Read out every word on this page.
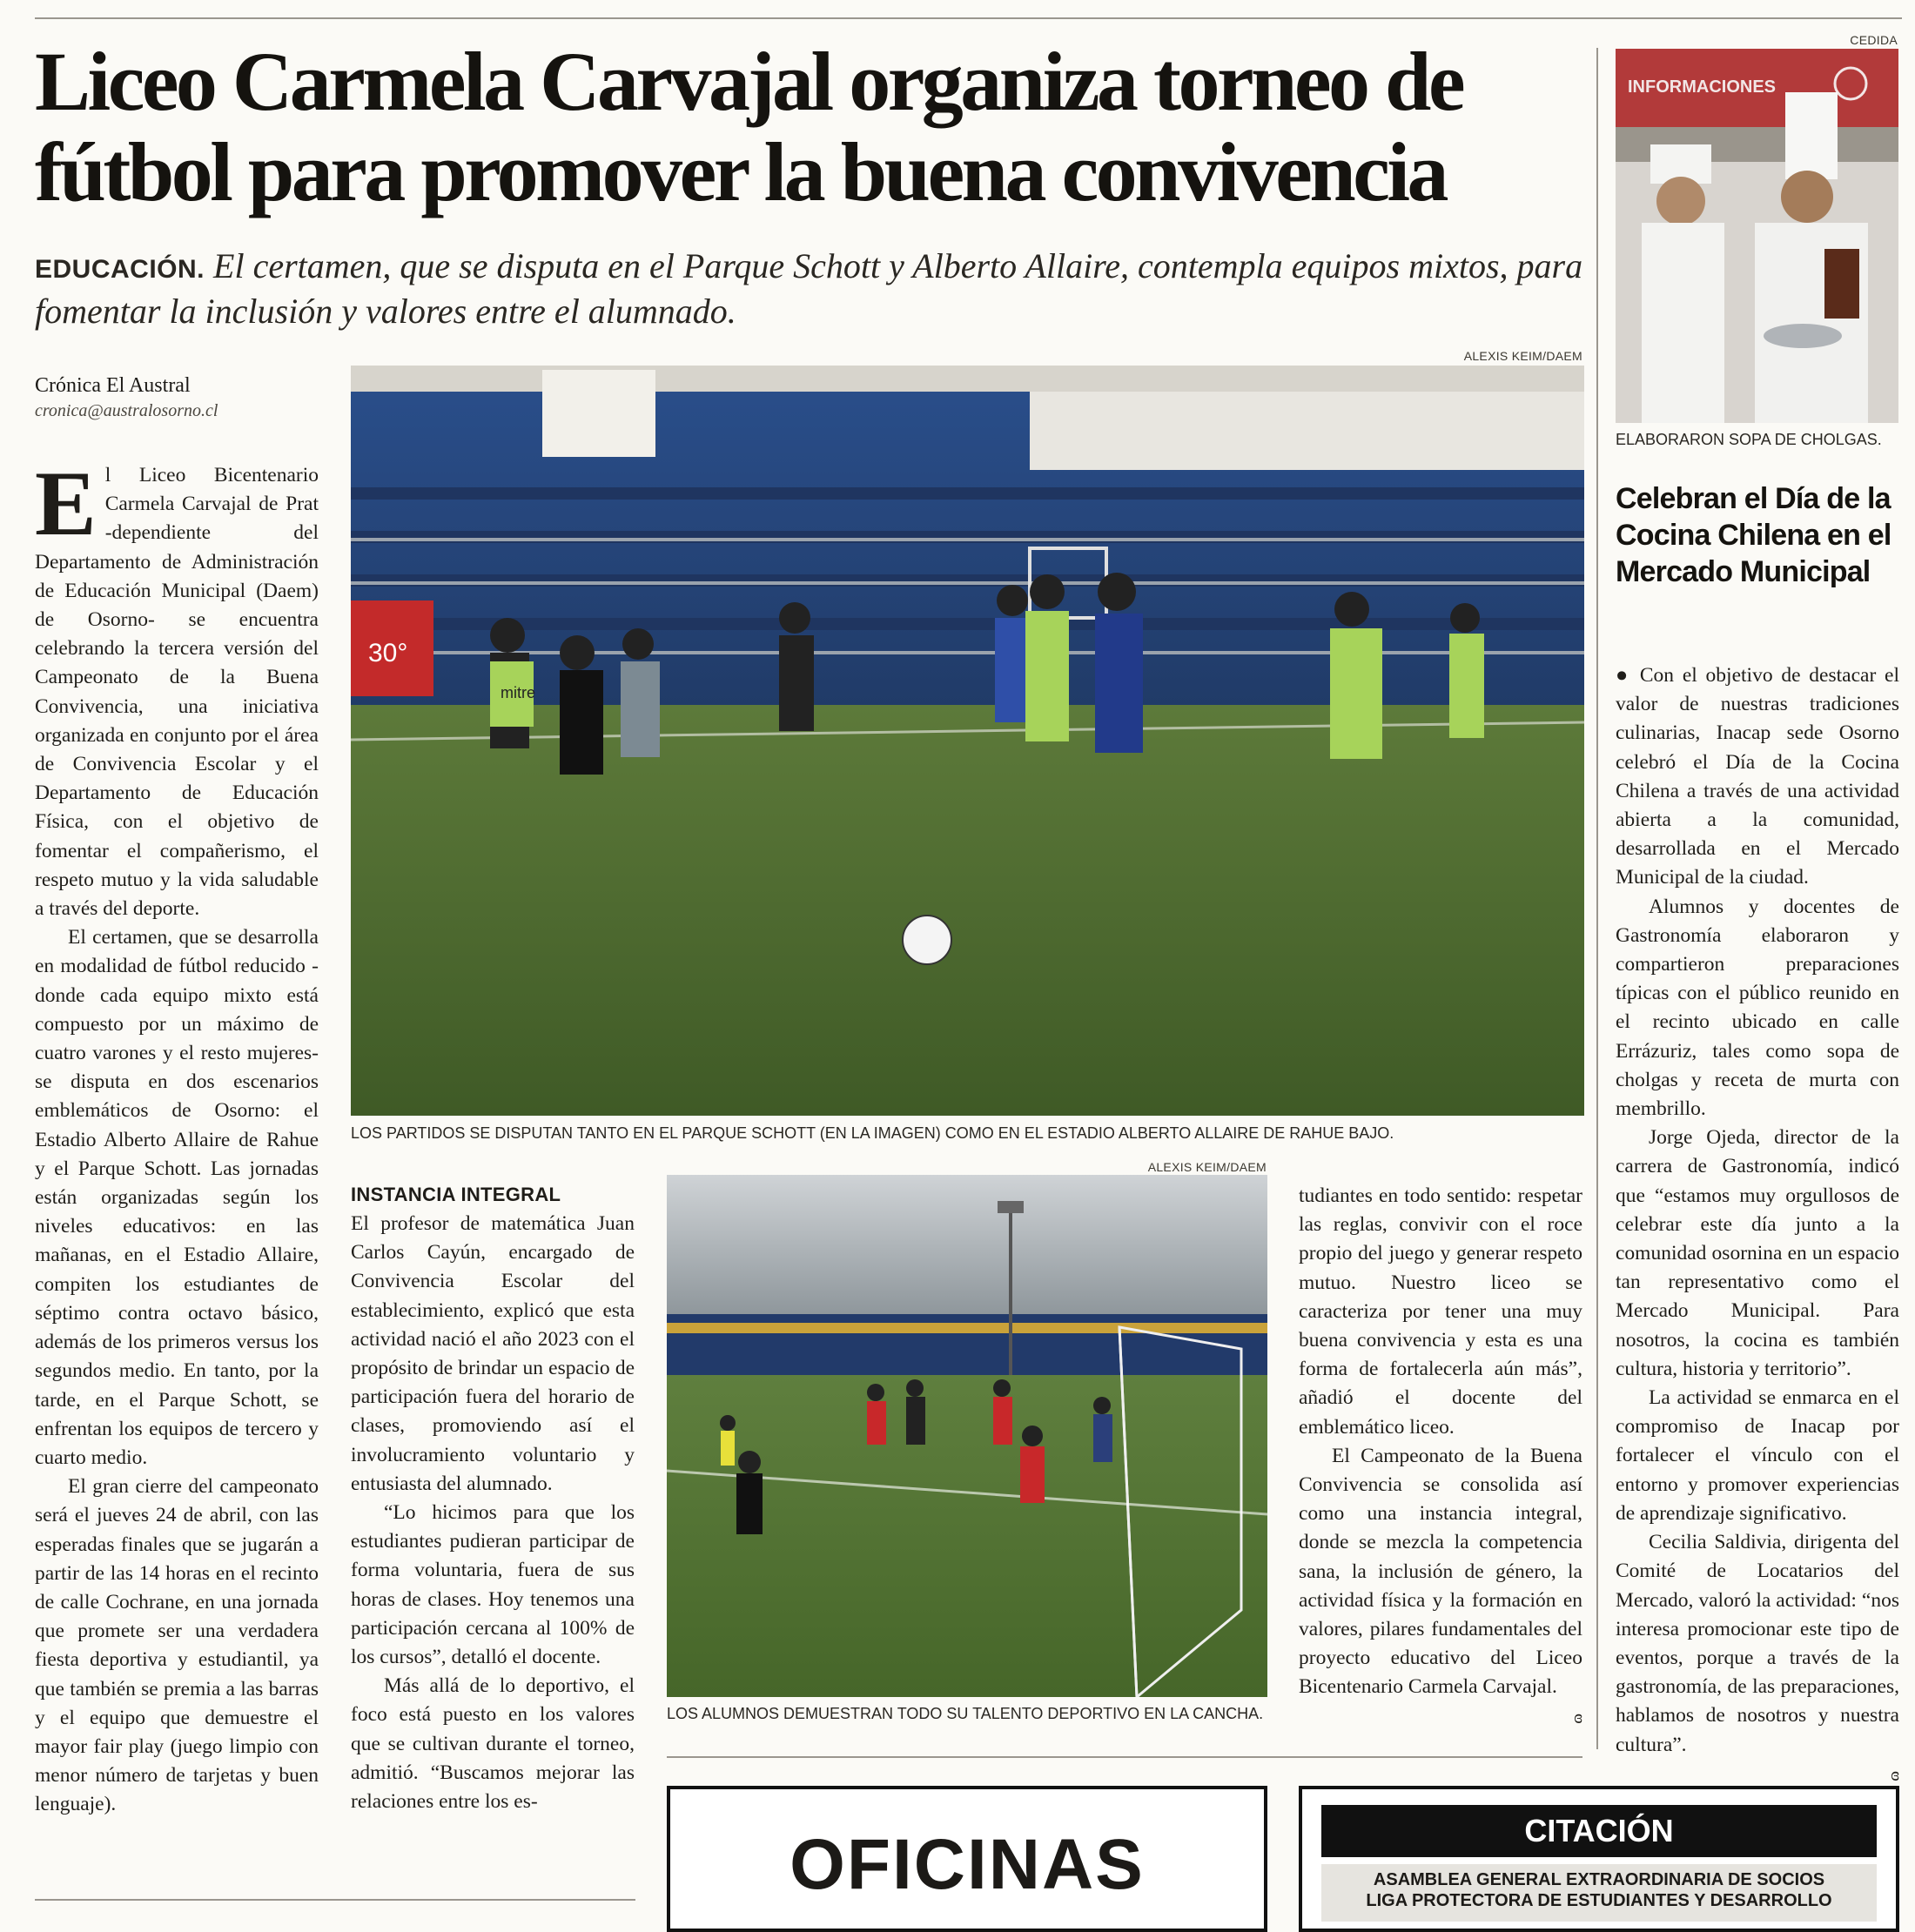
Liceo Carmela Carvajal organiza torneo de fútbol para promover la buena convivencia
EDUCACIÓN. El certamen, que se disputa en el Parque Schott y Alberto Allaire, contempla equipos mixtos, para fomentar la inclusión y valores entre el alumnado.
Crónica El Austral
cronica@australosorno.cl
ALEXIS KEIM/DAEM
30°
mitre
LOS PARTIDOS SE DISPUTAN TANTO EN EL PARQUE SCHOTT (EN LA IMAGEN) COMO EN EL ESTADIO ALBERTO ALLAIRE DE RAHUE BAJO.

El Liceo Bicentenario Carmela Carvajal de Prat -dependiente del Departamento de Administración de Educación Municipal (Daem) de Osorno- se encuentra celebrando la tercera versión del Campeonato de la Buena Convivencia, una iniciativa organizada en conjunto por el área de Convivencia Escolar y el Departamento de Educación Física, con el objetivo de fomentar el compañerismo, el respeto mutuo y la vida saludable a través del deporte.

El certamen, que se desarrolla en modalidad de fútbol reducido -donde cada equipo mixto está compuesto por un máximo de cuatro varones y el resto mujeres- se disputa en dos escenarios emblemáticos de Osorno: el Estadio Alberto Allaire de Rahue y el Parque Schott. Las jornadas están organizadas según los niveles educativos: en las mañanas, en el Estadio Allaire, compiten los estudiantes de séptimo contra octavo básico, además de los primeros versus los segundos medio. En tanto, por la tarde, en el Parque Schott, se enfrentan los equipos de tercero y cuarto medio.

El gran cierre del campeonato será el jueves 24 de abril, con las esperadas finales que se jugarán a partir de las 14 horas en el recinto de calle Cochrane, en una jornada que promete ser una verdadera fiesta deportiva y estudiantil, ya que también se premia a las barras y el equipo que demuestre el mayor fair play (juego limpio con menor número de tarjetas y buen lenguaje).

INSTANCIA INTEGRAL

El profesor de matemática Juan Carlos Cayún, encargado de Convivencia Escolar del establecimiento, explicó que esta actividad nació el año 2023 con el propósito de brindar un espacio de participación fuera del horario de clases, promoviendo así el involucramiento voluntario y entusiasta del alumnado.

“Lo hicimos para que los estudiantes pudieran participar de forma voluntaria, fuera de sus horas de clases. Hoy tenemos una participación cercana al 100% de los cursos”, detalló el docente.

Más allá de lo deportivo, el foco está puesto en los valores que se cultivan durante el torneo, admitió. “Buscamos mejorar las relaciones entre los es-

ALEXIS KEIM/DAEM
LOS ALUMNOS DEMUESTRAN TODO SU TALENTO DEPORTIVO EN LA CANCHA.

tudiantes en todo sentido: respetar las reglas, convivir con el roce propio del juego y generar respeto mutuo. Nuestro liceo se caracteriza por tener una muy buena convivencia y esta es una forma de fortalecerla aún más”, añadió el docente del emblemático liceo.

El Campeonato de la Buena Convivencia se consolida así como una instancia integral, donde se mezcla la competencia sana, la inclusión de género, la actividad física y la formación en valores, pilares fundamentales del proyecto educativo del Liceo Bicentenario Carmela Carvajal.

ɞ
CEDIDA
INFORMACIONES
ELABORARON SOPA DE CHOLGAS.
Celebran el Día de la Cocina Chilena en el Mercado Municipal

● Con el objetivo de destacar el valor de nuestras tradiciones culinarias, Inacap sede Osorno celebró el Día de la Cocina Chilena a través de una actividad abierta a la comunidad, desarrollada en el Mercado Municipal de la ciudad.

Alumnos y docentes de Gastronomía elaboraron y compartieron preparaciones típicas con el público reunido en el recinto ubicado en calle Errázuriz, tales como sopa de cholgas y receta de murta con membrillo.

Jorge Ojeda, director de la carrera de Gastronomía, indicó que “estamos muy orgullosos de celebrar este día junto a la comunidad osornina en un espacio tan representativo como el Mercado Municipal. Para nosotros, la cocina es también cultura, historia y territorio”.

La actividad se enmarca en el compromiso de Inacap por fortalecer el vínculo con el entorno y promover experiencias de aprendizaje significativo.

Cecilia Saldivia, dirigenta del Comité de Locatarios del Mercado, valoró la actividad: “nos interesa promocionar este tipo de eventos, porque a través de la gastronomía, de las preparaciones, hablamos de nosotros y nuestra cultura”.

ɞ
OFICINAS	CITACIÓN
ASAMBLEA GENERAL EXTRAORDINARIA DE SOCIOS
LIGA PROTECTORA DE ESTUDIANTES Y DESARROLLO
